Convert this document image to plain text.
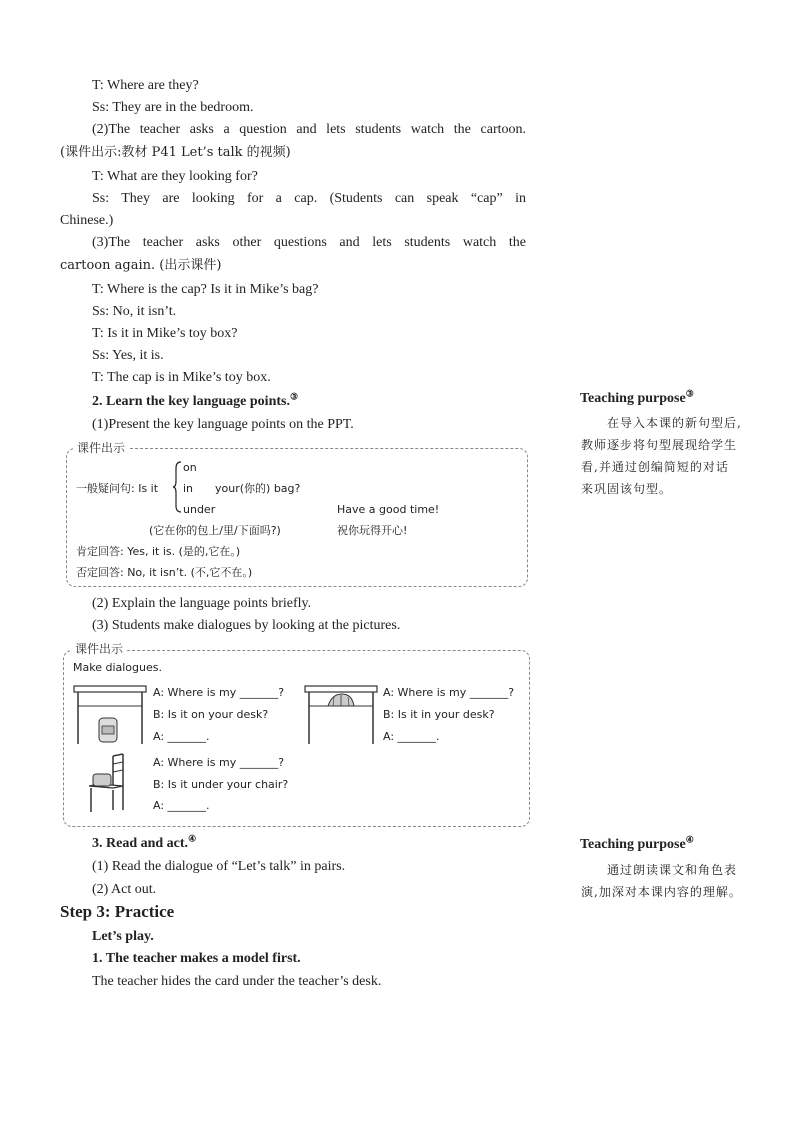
T: Where are they?
Ss: They are in the bedroom.
(2)The teacher asks a question and lets students watch the cartoon.
(课件出示:教材 P41 Let’s talk 的视频)
T: What are they looking for?
Ss: They are looking for a cap. (Students can speak “cap” in
Chinese.)
(3)The teacher asks other questions and lets students watch the
cartoon again. (出示课件)
T: Where is the cap? Is it in Mike’s bag?
Ss: No, it isn’t.
T: Is it in Mike’s toy box?
Ss: Yes, it is.
T: The cap is in Mike’s toy box.
2. Learn the key language points.③
(1)Present the key language points on the PPT.
课件出示
一般疑问句: Is it
on
in
under
your(你的) bag?
(它在你的包上/里/下面吗?)
Have a good time!
祝你玩得开心!
肯定回答: Yes, it is. (是的,它在。)
否定回答: No, it isn’t. (不,它不在。)
(2) Explain the language points briefly.
(3) Students make dialogues by looking at the pictures.
课件出示
Make dialogues.
A: Where is my _______?
B: Is it on your desk?
A: _______.
A: Where is my _______?
B: Is it in your desk?
A: _______.
A: Where is my _______?
B: Is it under your chair?
A: _______.
3. Read and act.④
(1) Read the dialogue of “Let’s talk” in pairs.
(2) Act out.
Step 3: Practice
Let’s play.
1. The teacher makes a model first.
The teacher hides the card under the teacher’s desk.
Teaching purpose③
在导入本课的新句型后,
教师逐步将句型展现给学生
看,并通过创编简短的对话
来巩固该句型。
Teaching purpose④
通过朗读课文和角色表
演,加深对本课内容的理解。
